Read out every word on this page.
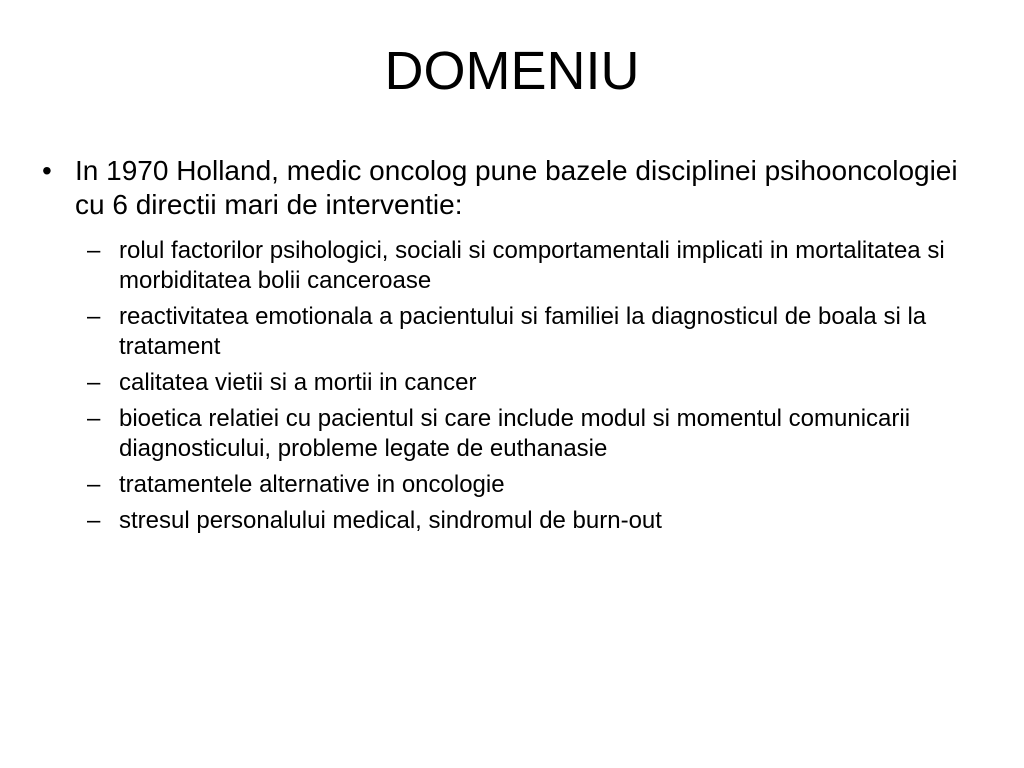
DOMENIU
• In 1970 Holland, medic oncolog pune bazele disciplinei psihooncologiei cu 6 directii mari de interventie:
– rolul factorilor psihologici, sociali si comportamentali implicati in mortalitatea si morbiditatea bolii canceroase
– reactivitatea emotionala a pacientului si familiei la diagnosticul de boala si la tratament
– calitatea vietii si a mortii in cancer
– bioetica relatiei cu pacientul si care include modul si momentul comunicarii diagnosticului, probleme legate de euthanasie
– tratamentele alternative in oncologie
– stresul personalului medical, sindromul de burn-out
